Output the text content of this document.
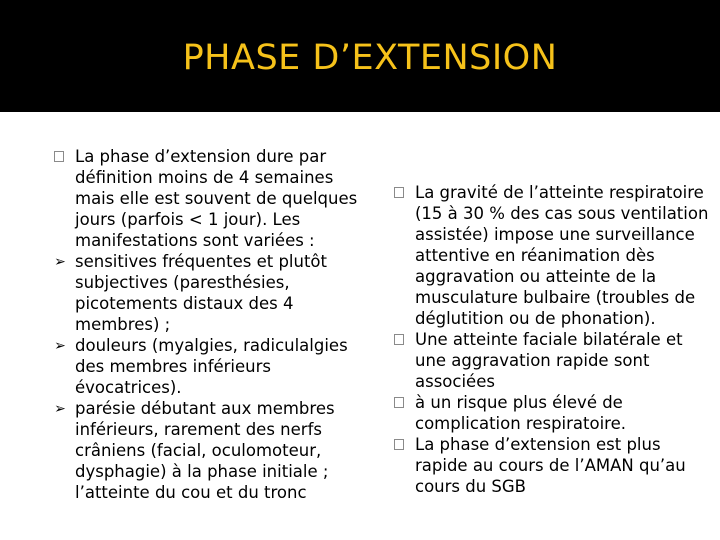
PHASE D’EXTENSION

La phase d’extension dure par définition moins de 4 semaines mais elle est souvent de quelques jours (parfois < 1 jour). Les manifestations sont variées :

➢ sensitives fréquentes et plutôt subjectives (paresthésies, picotements distaux des 4 membres) ;

➢ douleurs (myalgies, radiculalgies des membres inférieurs évocatrices).

➢ parésie débutant aux membres inférieurs, rarement des nerfs crâniens (facial, oculomoteur, dysphagie) à la phase initiale ; l’atteinte du cou et du tronc

La gravité de l’atteinte respiratoire (15 à 30 % des cas sous ventilation assistée) impose une surveillance attentive en réanimation dès aggravation ou atteinte de la musculature bulbaire (troubles de déglutition ou de phonation).

Une atteinte faciale bilatérale et une aggravation rapide sont associées

à un risque plus élevé de complication respiratoire.

La phase d’extension est plus rapide au cours de l’AMAN qu’au cours du SGB
